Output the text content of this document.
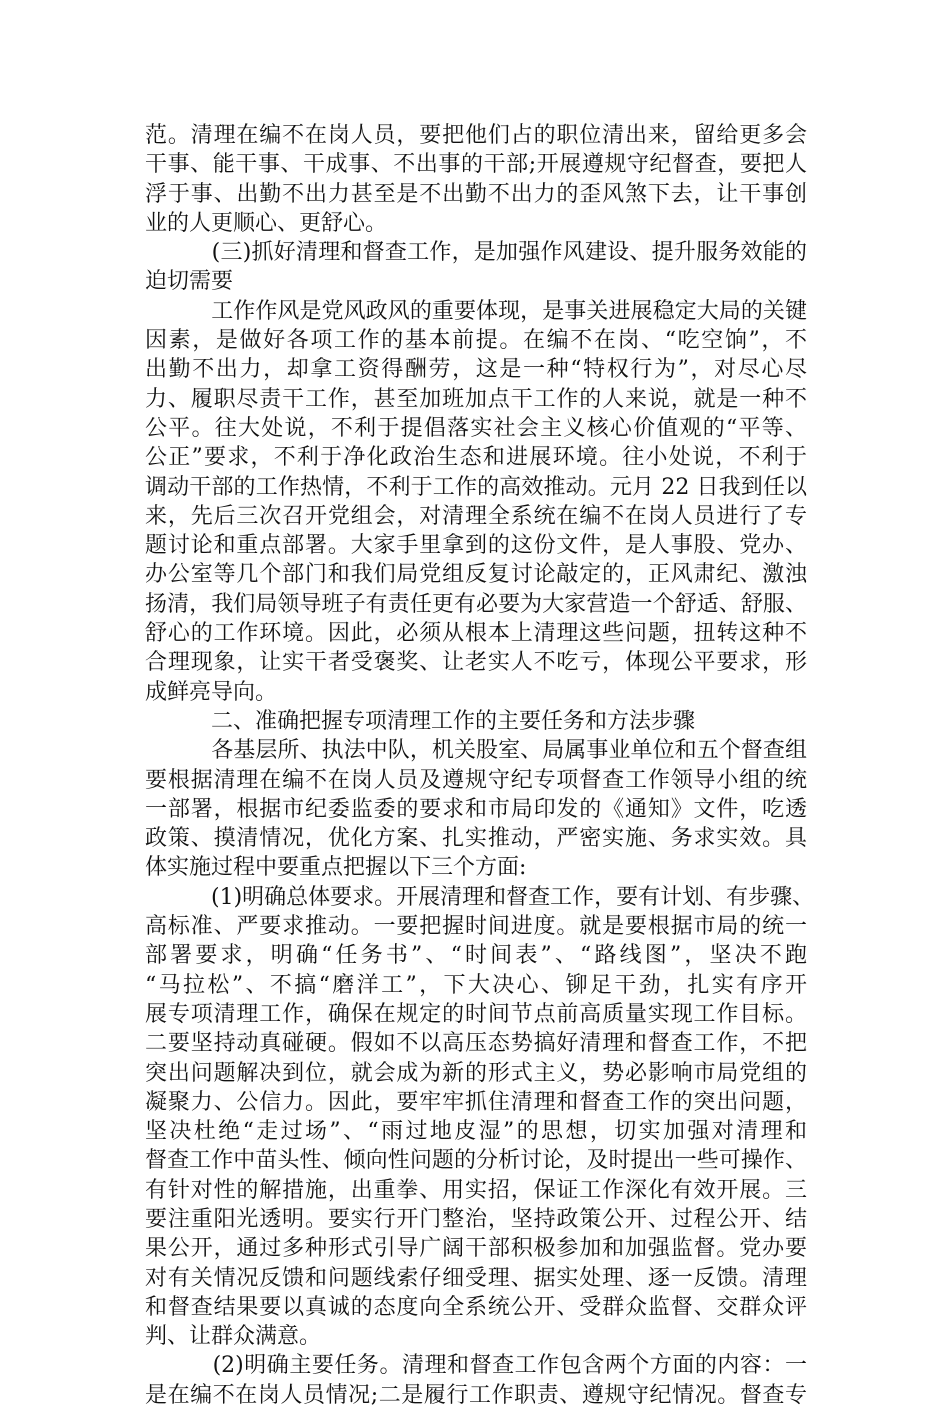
范。清理在编不在岗人员，要把他们占的职位清出来，留给更多会
干事、能干事、干成事、不出事的干部;开展遵规守纪督查，要把人
浮于事、出勤不出力甚至是不出勤不出力的歪风煞下去，让干事创
业的人更顺心、更舒心。
　　　(三)抓好清理和督查工作，是加强作风建设、提升服务效能的
迫切需要
　　　工作作风是党风政风的重要体现，是事关进展稳定大局的关键
因素，是做好各项工作的基本前提。在编不在岗、“吃空饷”，不
出勤不出力，却拿工资得酬劳，这是一种“特权行为”，对尽心尽
力、履职尽责干工作，甚至加班加点干工作的人来说，就是一种不
公平。往大处说，不利于提倡落实社会主义核心价值观的“平等、
公正”要求，不利于净化政治生态和进展环境。往小处说，不利于
调动干部的工作热情，不利于工作的高效推动。元月 22 日我到任以
来，先后三次召开党组会，对清理全系统在编不在岗人员进行了专
题讨论和重点部署。大家手里拿到的这份文件，是人事股、党办、
办公室等几个部门和我们局党组反复讨论敲定的，正风肃纪、激浊
扬清，我们局领导班子有责任更有必要为大家营造一个舒适、舒服、
舒心的工作环境。因此，必须从根本上清理这些问题，扭转这种不
合理现象，让实干者受褒奖、让老实人不吃亏，体现公平要求，形
成鲜亮导向。
　　　二、准确把握专项清理工作的主要任务和方法步骤
　　　各基层所、执法中队，机关股室、局属事业单位和五个督查组
要根据清理在编不在岗人员及遵规守纪专项督查工作领导小组的统
一部署，根据市纪委监委的要求和市局印发的《通知》文件，吃透
政策、摸清情况，优化方案、扎实推动，严密实施、务求实效。具
体实施过程中要重点把握以下三个方面:
　　　(1)明确总体要求。开展清理和督查工作，要有计划、有步骤、
高标准、严要求推动。一要把握时间进度。就是要根据市局的统一
部署要求，明确“任务书”、“时间表”、“路线图”，坚决不跑
“马拉松”、不搞“磨洋工”，下大决心、铆足干劲，扎实有序开
展专项清理工作，确保在规定的时间节点前高质量实现工作目标。
二要坚持动真碰硬。假如不以高压态势搞好清理和督查工作，不把
突出问题解决到位，就会成为新的形式主义，势必影响市局党组的
凝聚力、公信力。因此，要牢牢抓住清理和督查工作的突出问题，
坚决杜绝“走过场”、“雨过地皮湿”的思想，切实加强对清理和
督查工作中苗头性、倾向性问题的分析讨论，及时提出一些可操作、
有针对性的解措施，出重拳、用实招，保证工作深化有效开展。三
要注重阳光透明。要实行开门整治，坚持政策公开、过程公开、结
果公开，通过多种形式引导广阔干部积极参加和加强监督。党办要
对有关情况反馈和问题线索仔细受理、据实处理、逐一反馈。清理
和督查结果要以真诚的态度向全系统公开、受群众监督、交群众评
判、让群众满意。
　　　(2)明确主要任务。清理和督查工作包含两个方面的内容：一
是在编不在岗人员情况;二是履行工作职责、遵规守纪情况。督查专
